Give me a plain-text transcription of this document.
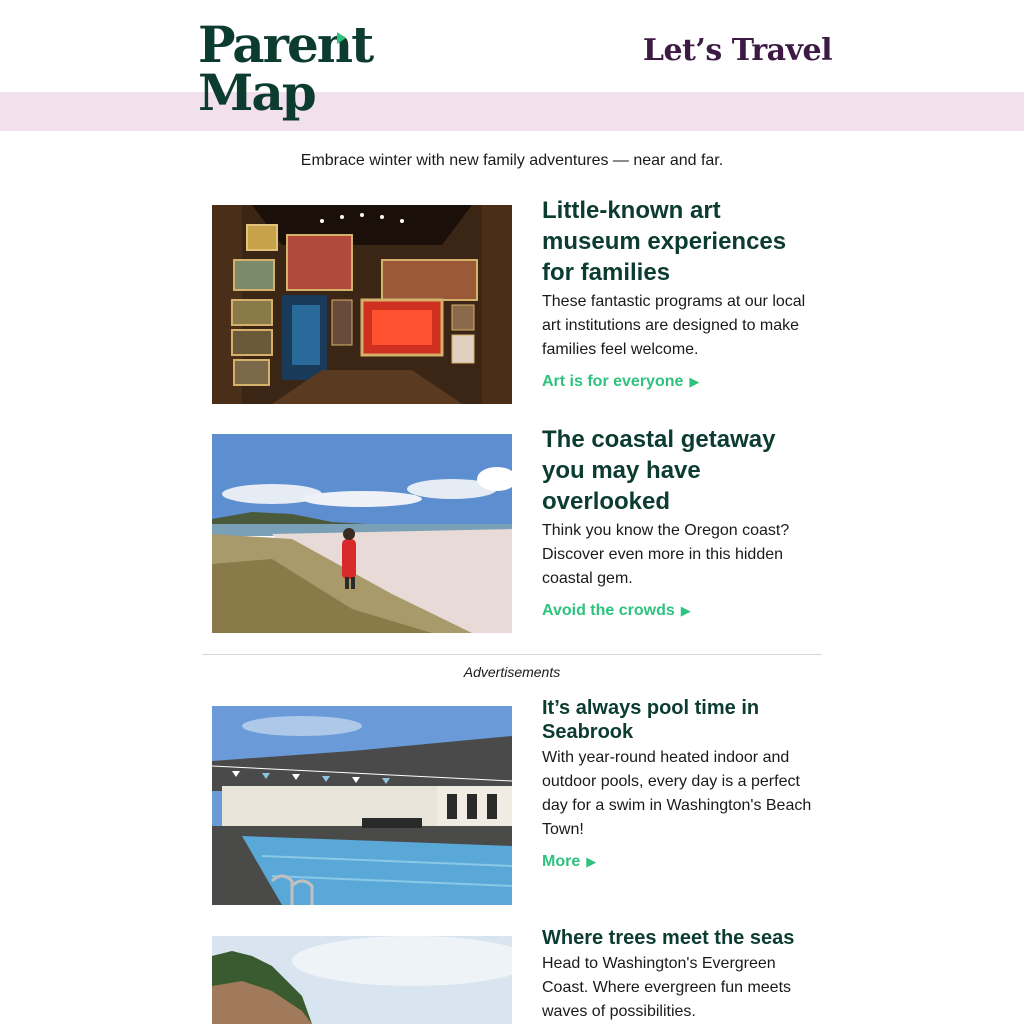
Parent
Map
Let’s Travel
Embrace winter with new family adventures — near and far.
Little-known art museum experiences for families

These fantastic programs at our local art institutions are designed to make families feel welcome.

Art is for everyone ▶
The coastal getaway you may have overlooked

Think you know the Oregon coast? Discover even more in this hidden coastal gem.

Avoid the crowds ▶
Advertisements
It’s always pool time in Seabrook

With year-round heated indoor and outdoor pools, every day is a perfect day for a swim in Washington's Beach Town!

More ▶
Where trees meet the seas

Head to Washington's Evergreen Coast. Where evergreen fun meets waves of possibilities.
